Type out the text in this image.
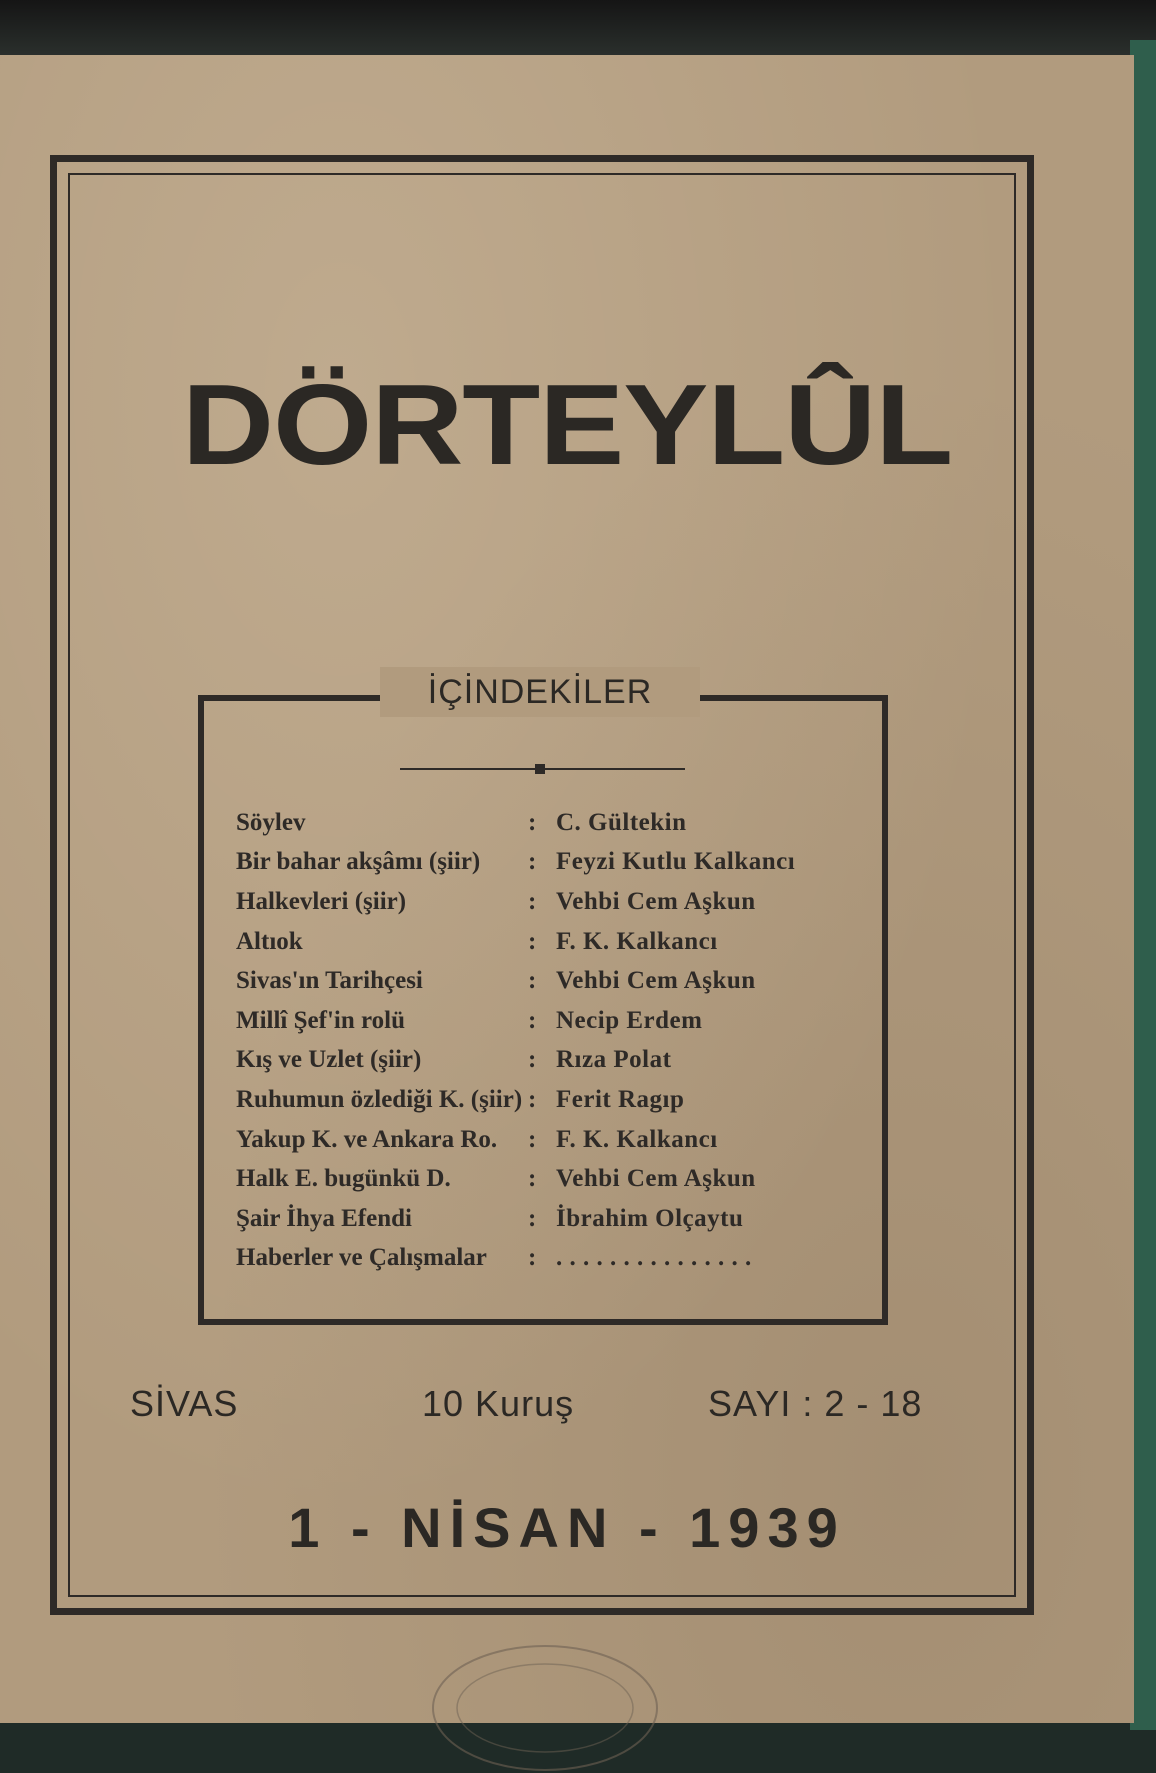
DÖRTEYLÛL
İÇİNDEKİLER
Söylev	: C. Gültekin
Bir bahar akşâmı (şiir)	: Feyzi Kutlu Kalkancı
Halkevleri (şiir)	: Vehbi Cem Aşkun
Altıok	: F. K. Kalkancı
Sivas'ın Tarihçesi	: Vehbi Cem Aşkun
Millî Şef'in rolü	: Necip Erdem
Kış ve Uzlet (şiir)	: Rıza Polat
Ruhumun özlediği K. (şiir) : Ferit Ragıp
Yakup K. ve Ankara Ro.	: F. K. Kalkancı
Halk E. bugünkü D.	: Vehbi Cem Aşkun
Şair İhya Efendi	: İbrahim Olçaytu
Haberler ve Çalışmalar	: . . . . . . . . . . . . . . .
SİVAS	10 Kuruş	SAYI : 2 - 18
1 - NİSAN - 1939
